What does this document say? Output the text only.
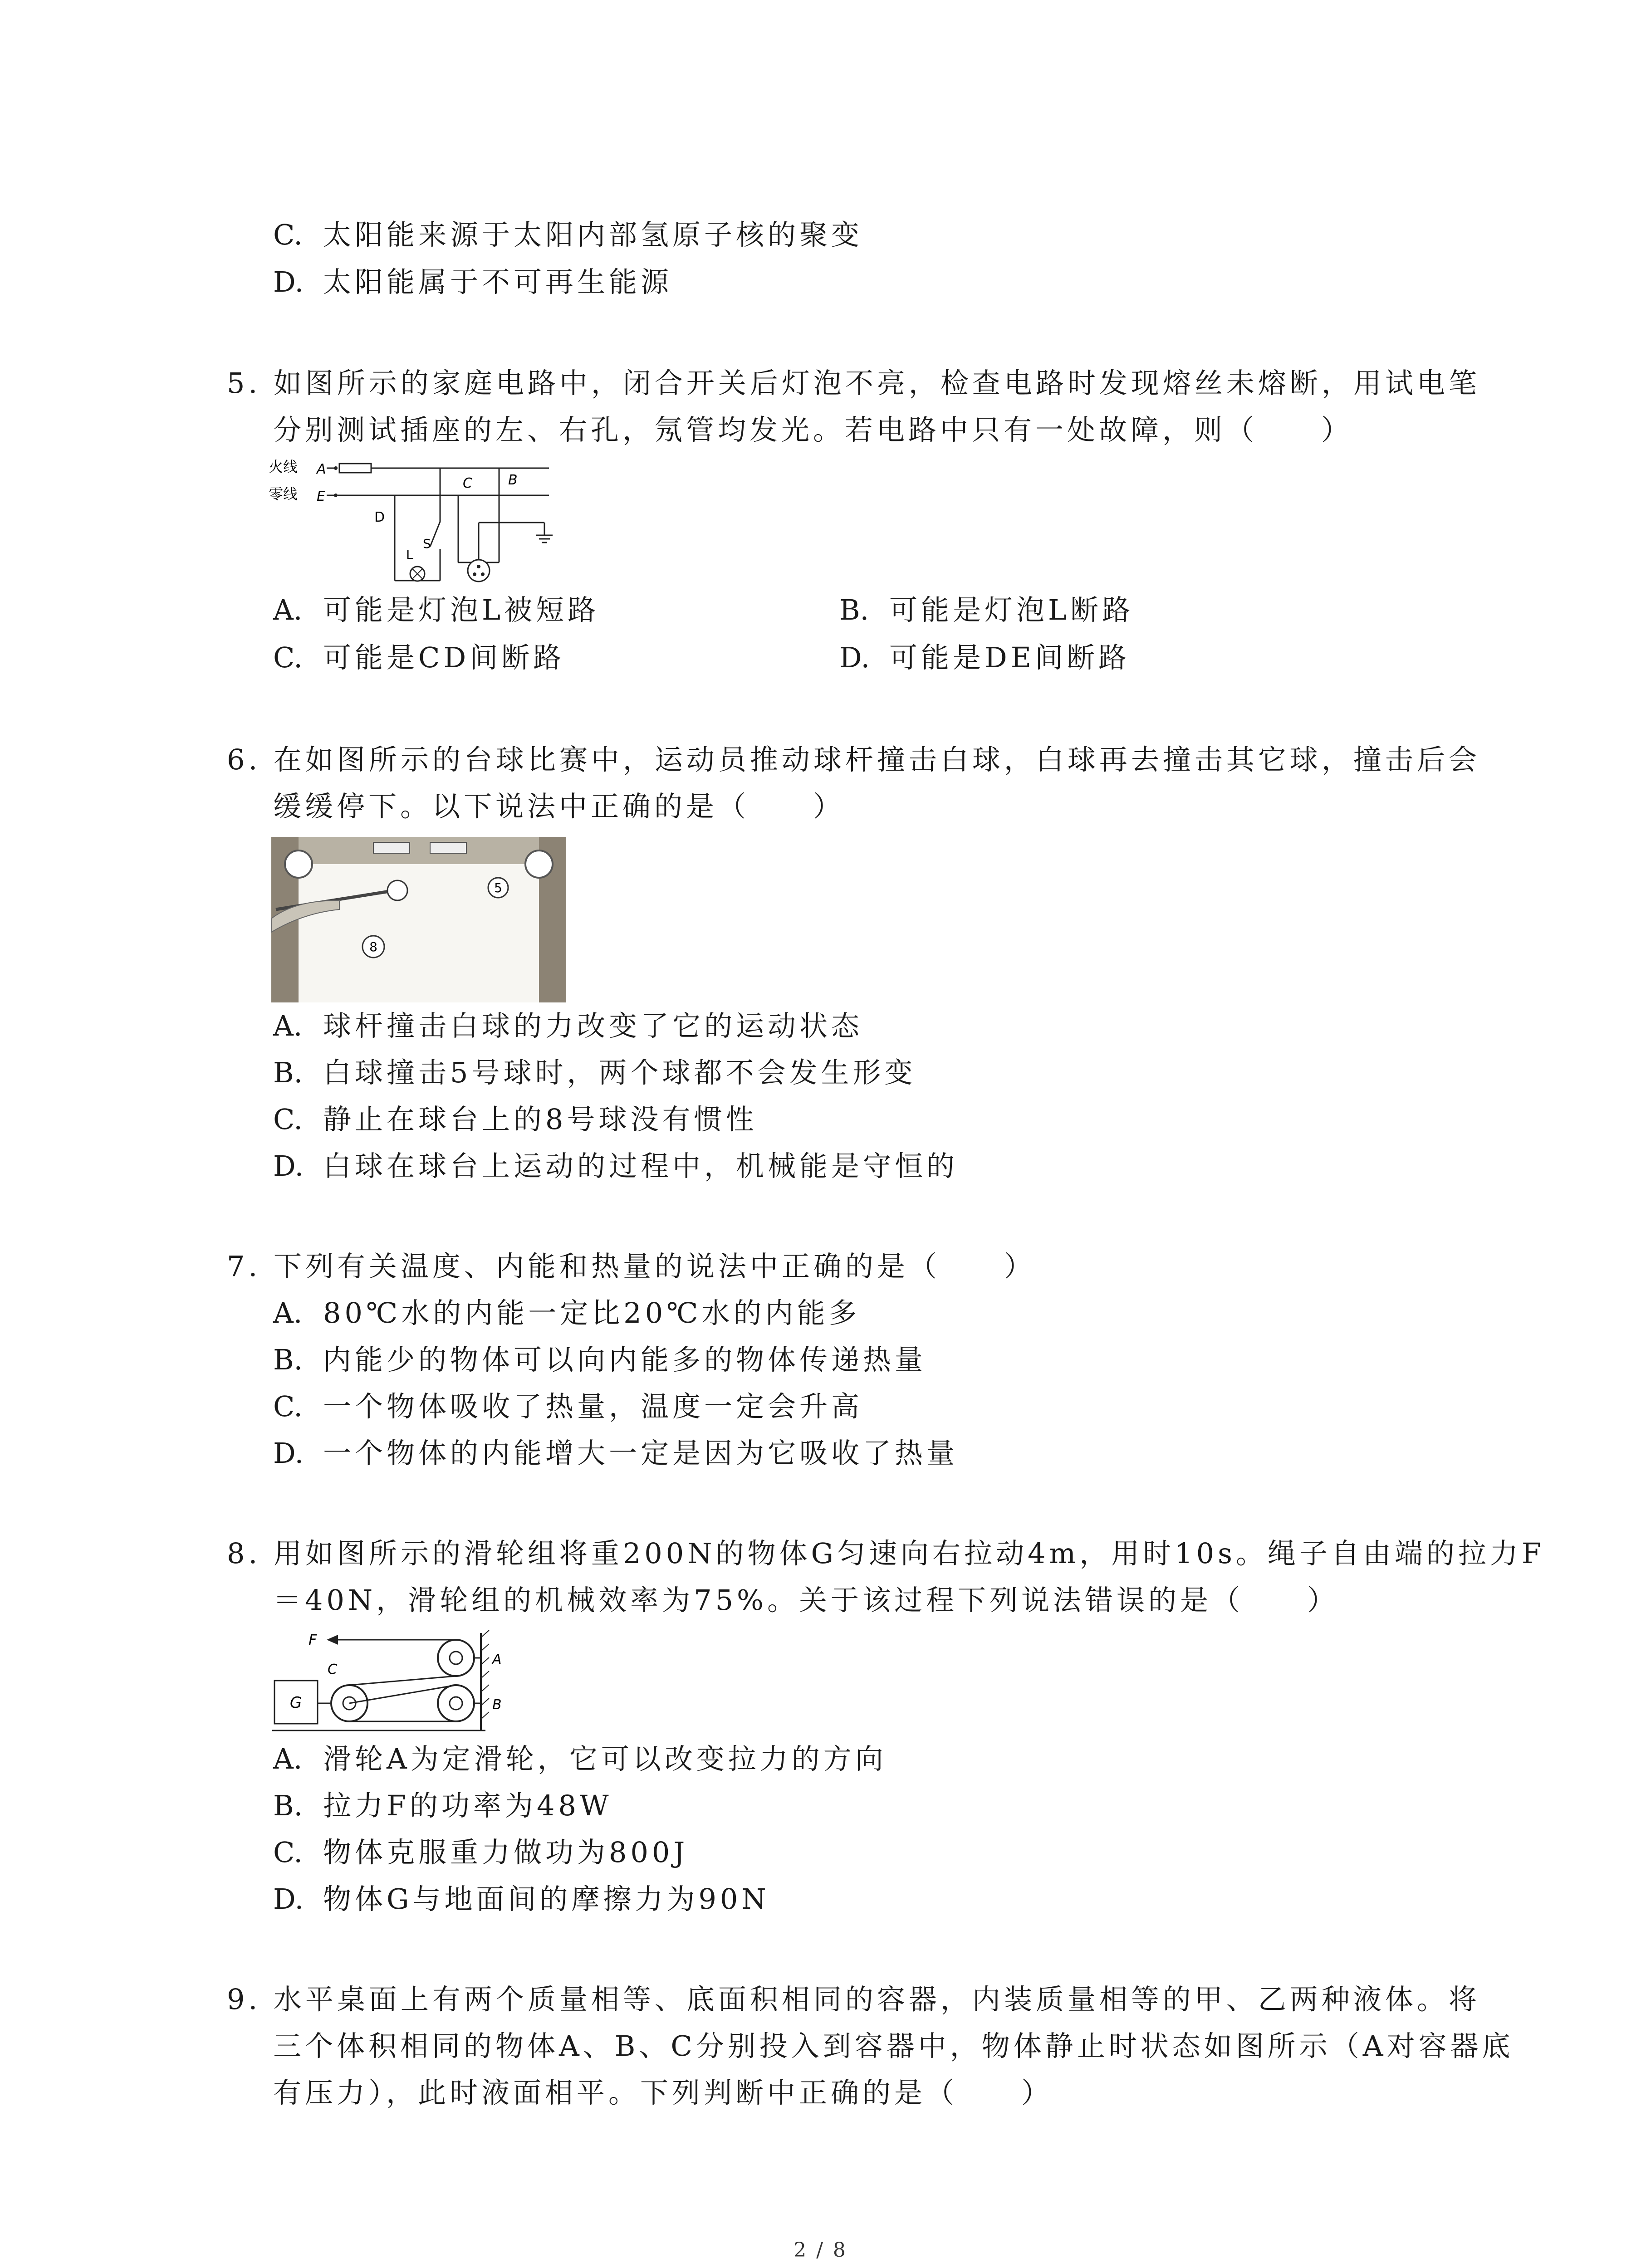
C. 太阳能来源于太阳内部氢原子核的聚变
D. 太阳能属于不可再生能源
5. 如图所示的家庭电路中，闭合开关后灯泡不亮，检查电路时发现熔丝未熔断，用试电笔
分别测试插座的左、右孔，氖管均发光。若电路中只有一处故障，则（　　）
火线 A
零线 E
C	B
D
L
S
A. 可能是灯泡L被短路	B. 可能是灯泡L断路
C. 可能是CD间断路	D. 可能是DE间断路
6. 在如图所示的台球比赛中，运动员推动球杆撞击白球，白球再去撞击其它球，撞击后会
缓缓停下。以下说法中正确的是（　　）
5
8
A. 球杆撞击白球的力改变了它的运动状态
B. 白球撞击5号球时，两个球都不会发生形变
C. 静止在球台上的8号球没有惯性
D. 白球在球台上运动的过程中，机械能是守恒的
7. 下列有关温度、内能和热量的说法中正确的是（　　）
A. 80℃水的内能一定比20℃水的内能多
B. 内能少的物体可以向内能多的物体传递热量
C. 一个物体吸收了热量，温度一定会升高
D. 一个物体的内能增大一定是因为它吸收了热量
8. 用如图所示的滑轮组将重200N的物体G匀速向右拉动4m，用时10s。绳子自由端的拉力F
＝40N，滑轮组的机械效率为75%。关于该过程下列说法错误的是（　　）
G
C
A
B
F
A. 滑轮A为定滑轮，它可以改变拉力的方向
B. 拉力F的功率为48W
C. 物体克服重力做功为800J
D. 物体G与地面间的摩擦力为90N
9. 水平桌面上有两个质量相等、底面积相同的容器，内装质量相等的甲、乙两种液体。将
三个体积相同的物体A、B、C分别投入到容器中，物体静止时状态如图所示（A对容器底
有压力），此时液面相平。下列判断中正确的是（　　）
2 / 8
